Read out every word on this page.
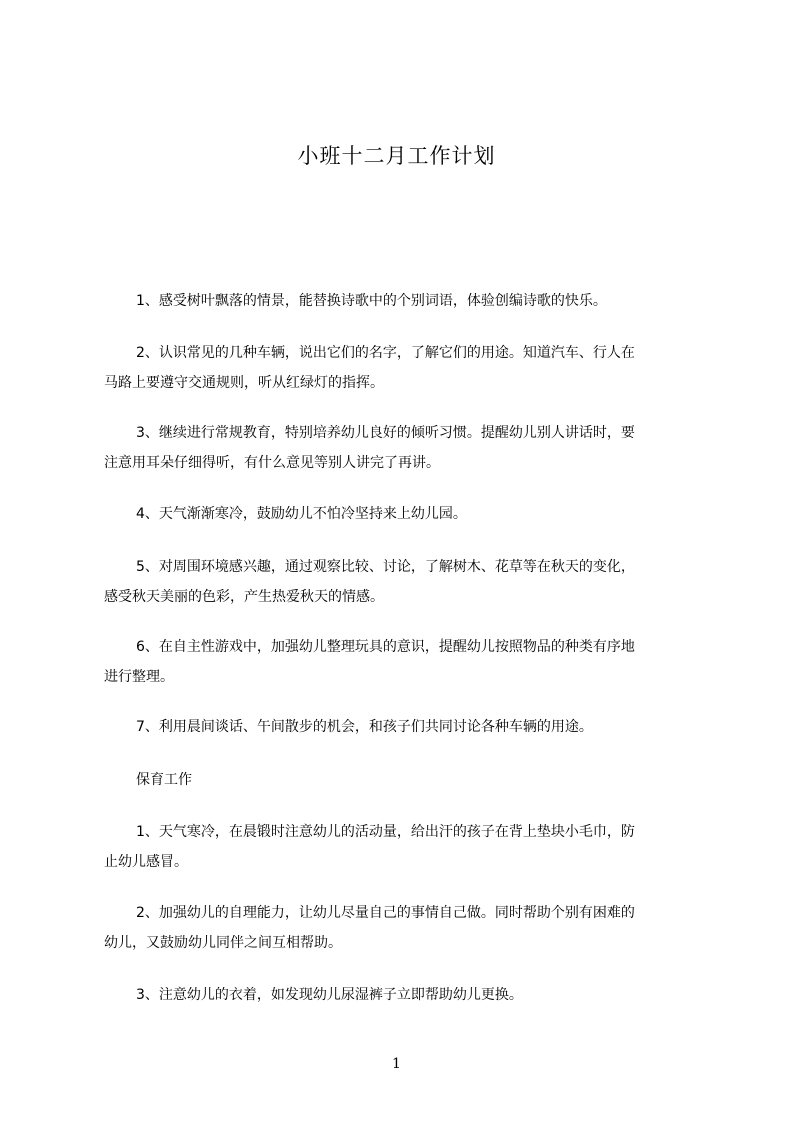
小班十二月工作计划
1、感受树叶飘落的情景，能替换诗歌中的个别词语，体验创编诗歌的快乐。
2、认识常见的几种车辆，说出它们的名字，了解它们的用途。知道汽车、行人在
马路上要遵守交通规则，听从红绿灯的指挥。
3、继续进行常规教育，特别培养幼儿良好的倾听习惯。提醒幼儿别人讲话时，要
注意用耳朵仔细得听，有什么意见等别人讲完了再讲。
4、天气渐渐寒冷，鼓励幼儿不怕冷坚持来上幼儿园。
5、对周围环境感兴趣，通过观察比较、讨论，了解树木、花草等在秋天的变化，
感受秋天美丽的色彩，产生热爱秋天的情感。
6、在自主性游戏中，加强幼儿整理玩具的意识，提醒幼儿按照物品的种类有序地
进行整理。
7、利用晨间谈话、午间散步的机会，和孩子们共同讨论各种车辆的用途。
保育工作
1、天气寒冷，在晨锻时注意幼儿的活动量，给出汗的孩子在背上垫块小毛巾，防
止幼儿感冒。
2、加强幼儿的自理能力，让幼儿尽量自己的事情自己做。同时帮助个别有困难的
幼儿，又鼓励幼儿同伴之间互相帮助。
3、注意幼儿的衣着，如发现幼儿尿湿裤子立即帮助幼儿更换。
1
